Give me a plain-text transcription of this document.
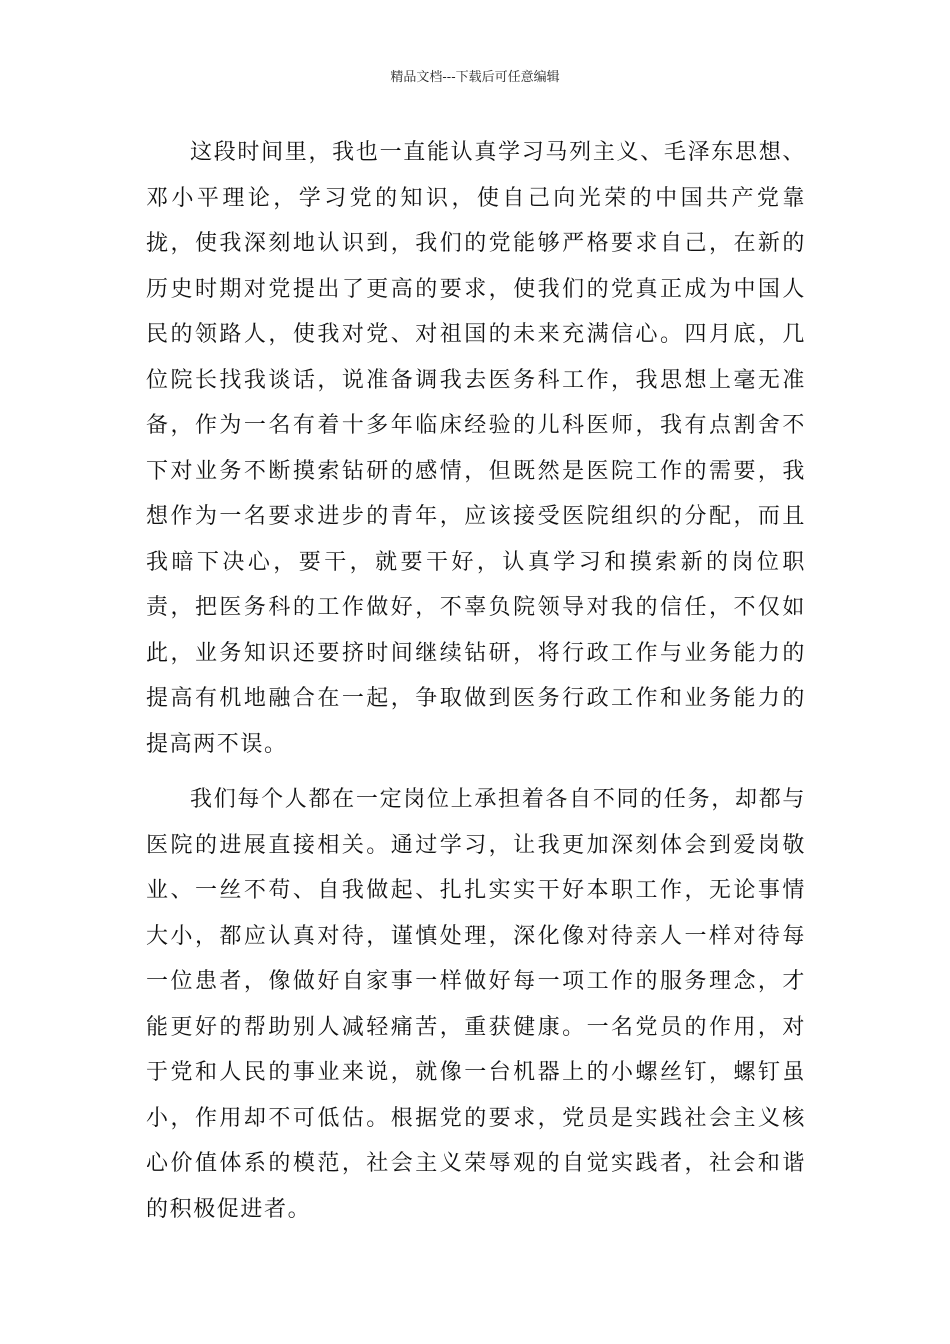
精品文档---下载后可任意编辑

这段时间里，我也一直能认真学习马列主义、毛泽东思想、邓小平理论，学习党的知识，使自己向光荣的中国共产党靠拢，使我深刻地认识到，我们的党能够严格要求自己，在新的历史时期对党提出了更高的要求，使我们的党真正成为中国人民的领路人，使我对党、对祖国的未来充满信心。四月底，几位院长找我谈话，说准备调我去医务科工作，我思想上毫无准备，作为一名有着十多年临床经验的儿科医师，我有点割舍不下对业务不断摸索钻研的感情，但既然是医院工作的需要，我想作为一名要求进步的青年，应该接受医院组织的分配，而且我暗下决心，要干，就要干好，认真学习和摸索新的岗位职责，把医务科的工作做好，不辜负院领导对我的信任，不仅如此，业务知识还要挤时间继续钻研，将行政工作与业务能力的提高有机地融合在一起，争取做到医务行政工作和业务能力的提高两不误。

我们每个人都在一定岗位上承担着各自不同的任务，却都与医院的进展直接相关。通过学习，让我更加深刻体会到爱岗敬业、一丝不苟、自我做起、扎扎实实干好本职工作，无论事情大小，都应认真对待，谨慎处理，深化像对待亲人一样对待每一位患者，像做好自家事一样做好每一项工作的服务理念，才能更好的帮助别人减轻痛苦，重获健康。一名党员的作用，对于党和人民的事业来说，就像一台机器上的小螺丝钉，螺钉虽小，作用却不可低估。根据党的要求，党员是实践社会主义核心价值体系的模范，社会主义荣辱观的自觉实践者，社会和谐的积极促进者。
